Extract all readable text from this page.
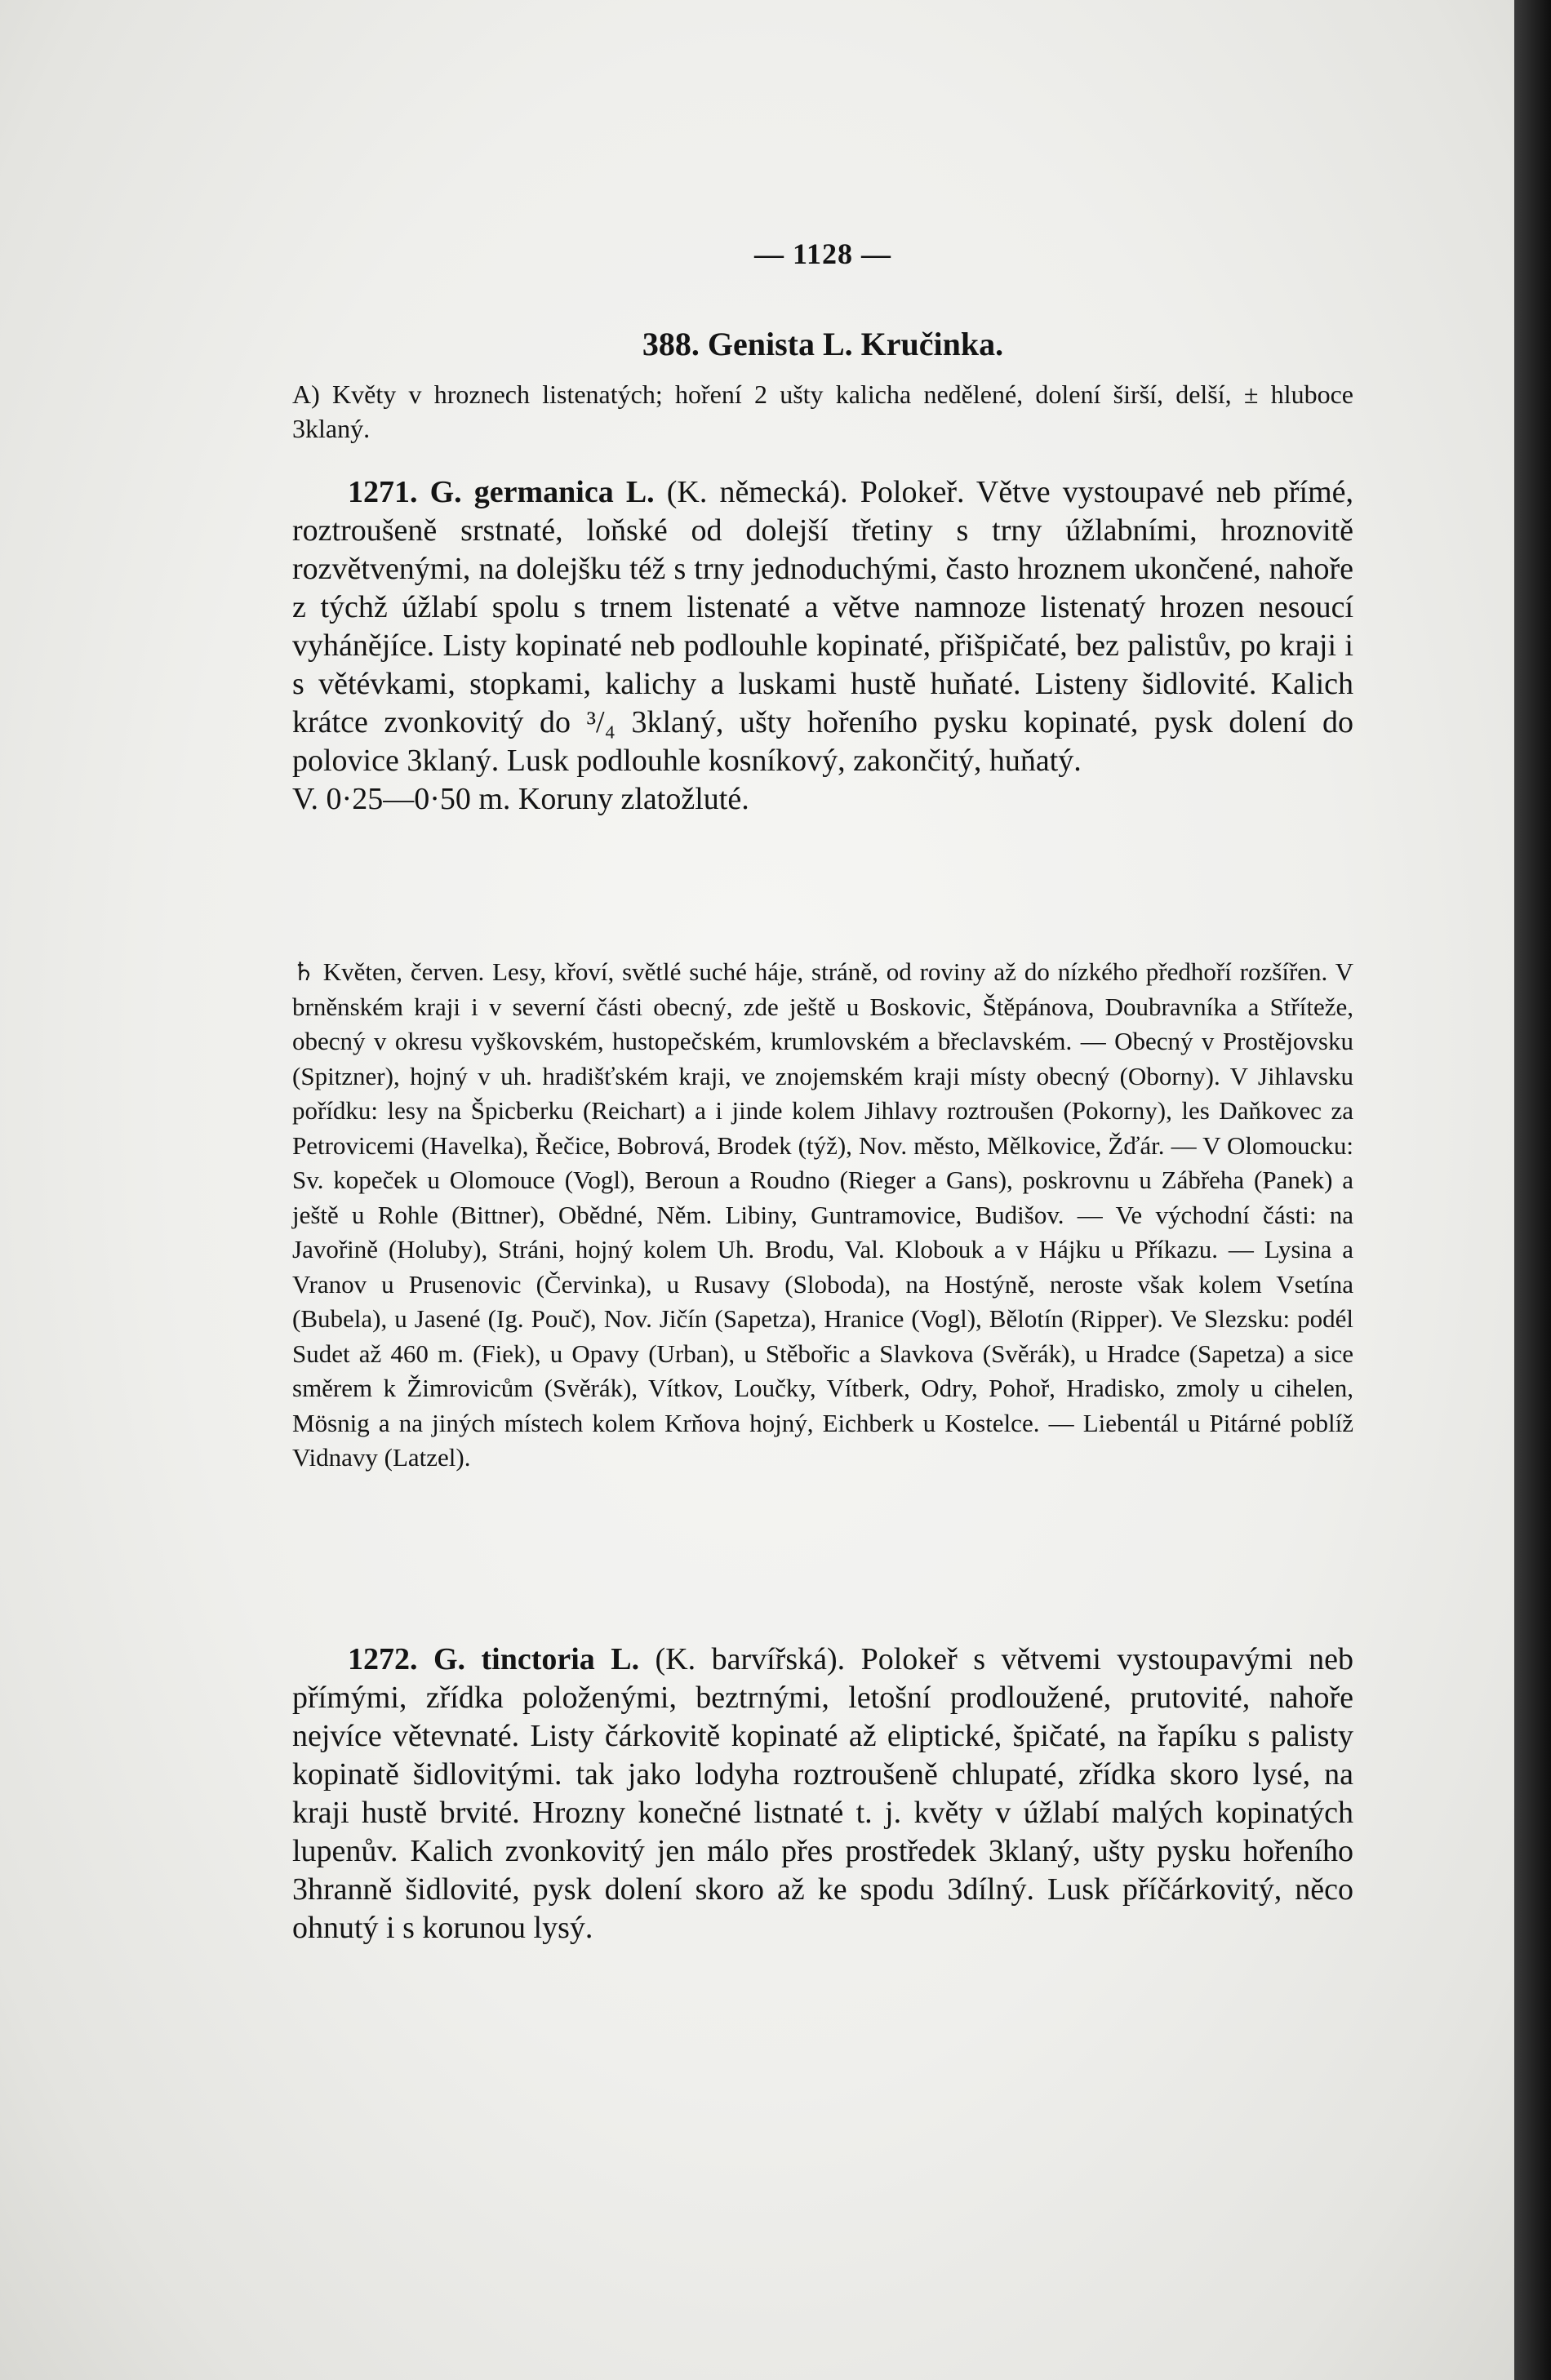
— 1128 —
388. Genista L. Kručinka.
A) Květy v hroznech listenatých; hoření 2 ušty kalicha nedělené, dolení širší, delší, ± hluboce 3klaný.
1271. G. germanica L. (K. německá). Polokeř. Větve vystoupavé neb přímé, roztroušeně srstnaté, loňské od dolejší třetiny s trny úžlabními, hroznovitě rozvětvenými, na dolejšku též s trny jednoduchými, často hroznem ukončené, nahoře z týchž úžlabí spolu s trnem listenaté a větve namnoze listenatý hrozen nesoucí vyhánějíce. Listy kopinaté neb podlouhle kopinaté, přišpičaté, bez palistův, po kraji i s větévkami, stopkami, kalichy a luskami hustě huňaté. Listeny šidlovité. Kalich krátce zvonkovitý do ³/₄ 3klaný, ušty hořeního pysku kopinaté, pysk dolení do polovice 3klaný. Lusk podlouhle kosníkový, zakončitý, huňatý.
V. 0·25—0·50 m. Koruny zlatožluté.
♄ Květen, červen. Lesy, křoví, světlé suché háje, stráně, od roviny až do nízkého předhoří rozšířen. V brněnském kraji i v severní části obecný, zde ještě u Boskovic, Štěpánova, Doubravníka a Stříteže, obecný v okresu vyškovském, hustopečském, krumlovském a břeclavském. — Obecný v Prostějovsku (Spitzner), hojný v uh. hradišťském kraji, ve znojemském kraji místy obecný (Oborny). V Jihlavsku pořídku: lesy na Špicberku (Reichart) a i jinde kolem Jihlavy roztroušen (Pokorny), les Daňkovec za Petrovicemi (Havelka), Řečice, Bobrová, Brodek (týž), Nov. město, Mělkovice, Žďár. — V Olomoucku: Sv. kopeček u Olomouce (Vogl), Beroun a Roudno (Rieger a Gans), poskrovnu u Zábřeha (Panek) a ještě u Rohle (Bittner), Obědné, Něm. Libiny, Guntramovice, Budišov. — Ve východní části: na Javořině (Holuby), Stráni, hojný kolem Uh. Brodu, Val. Klobouk a v Hájku u Příkazu. — Lysina a Vranov u Prusenovic (Červinka), u Rusavy (Sloboda), na Hostýně, neroste však kolem Vsetína (Bubela), u Jasené (Ig. Pouč), Nov. Jičín (Sapetza), Hranice (Vogl), Bělotín (Ripper). Ve Slezsku: podél Sudet až 460 m. (Fiek), u Opavy (Urban), u Stěbořic a Slavkova (Svěrák), u Hradce (Sapetza) a sice směrem k Žimrovicům (Svěrák), Vítkov, Loučky, Vítberk, Odry, Pohoř, Hradisko, zmoly u cihelen, Mösnig a na jiných místech kolem Krňova hojný, Eichberk u Kostelce. — Liebentál u Pitárné poblíž Vidnavy (Latzel).
1272. G. tinctoria L. (K. barvířská). Polokeř s větvemi vystoupavými neb přímými, zřídka položenými, beztrnými, letošní prodloužené, prutovité, nahoře nejvíce větevnaté. Listy čárkovitě kopinaté až eliptické, špičaté, na řapíku s palisty kopinatě šidlovitými. tak jako lodyha roztroušeně chlupaté, zřídka skoro lysé, na kraji hustě brvité. Hrozny konečné listnaté t. j. květy v úžlabí malých kopinatých lupenův. Kalich zvonkovitý jen málo přes prostředek 3klaný, ušty pysku hořeního 3hranně šidlovité, pysk dolení skoro až ke spodu 3dílný. Lusk příčárkovitý, něco ohnutý i s korunou lysý.
